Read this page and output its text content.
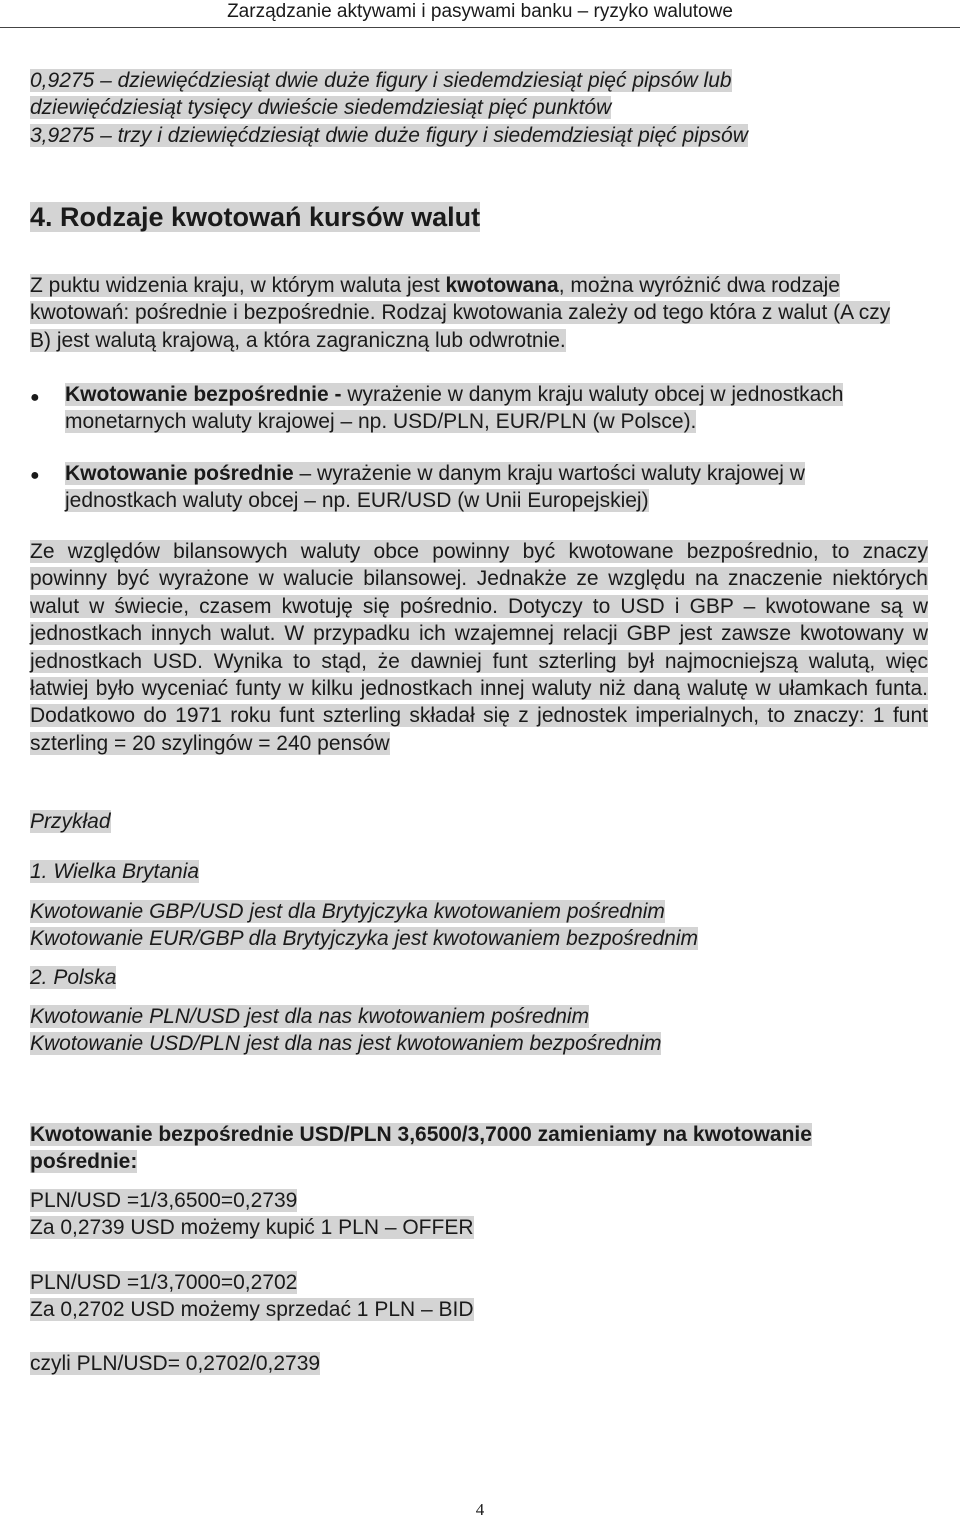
Zarządzanie aktywami i pasywami banku – ryzyko walutowe
0,9275 – dziewięćdziesiąt dwie duże figury i siedemdziesiąt pięć pipsów lub
dziewięćdziesiąt tysięcy dwieście siedemdziesiąt pięć punktów
3,9275 – trzy i dziewięćdziesiąt dwie duże figury i siedemdziesiąt pięć pipsów
4. Rodzaje kwotowań kursów walut
Z puktu widzenia kraju, w którym waluta jest kwotowana, można wyróżnić dwa rodzaje kwotowań: pośrednie i bezpośrednie. Rodzaj kwotowania zależy od tego która z walut (A czy B) jest walutą krajową, a która zagraniczną lub odwrotnie.
● Kwotowanie bezpośrednie - wyrażenie w danym kraju waluty obcej w jednostkach monetarnych waluty krajowej – np. USD/PLN, EUR/PLN (w Polsce).
● Kwotowanie pośrednie – wyrażenie w danym kraju wartości waluty krajowej w jednostkach waluty obcej – np. EUR/USD (w Unii Europejskiej)
Ze względów bilansowych waluty obce powinny być kwotowane bezpośrednio, to znaczy powinny być wyrażone w walucie bilansowej. Jednakże ze względu na znaczenie niektórych walut w świecie, czasem kwotuję się pośrednio. Dotyczy to USD i GBP – kwotowane są w jednostkach innych walut. W przypadku ich wzajemnej relacji GBP jest zawsze kwotowany w jednostkach USD. Wynika to stąd, że dawniej funt szterling był najmocniejszą walutą, więc łatwiej było wyceniać funty w kilku jednostkach innej waluty niż daną walutę w ułamkach funta. Dodatkowo do 1971 roku funt szterling składał się z jednostek imperialnych, to znaczy: 1 funt szterling = 20 szylingów = 240 pensów
Przykład
1. Wielka Brytania
Kwotowanie GBP/USD jest dla Brytyjczyka kwotowaniem pośrednim
Kwotowanie EUR/GBP dla Brytyjczyka jest kwotowaniem bezpośrednim
2. Polska
Kwotowanie PLN/USD jest dla nas kwotowaniem pośrednim
Kwotowanie USD/PLN jest dla nas jest kwotowaniem bezpośrednim
Kwotowanie bezpośrednie USD/PLN 3,6500/3,7000 zamieniamy na kwotowanie
pośrednie:
PLN/USD =1/3,6500=0,2739
Za 0,2739 USD możemy kupić 1 PLN – OFFER
PLN/USD =1/3,7000=0,2702
Za 0,2702 USD możemy sprzedać 1 PLN – BID
czyli PLN/USD= 0,2702/0,2739
4
